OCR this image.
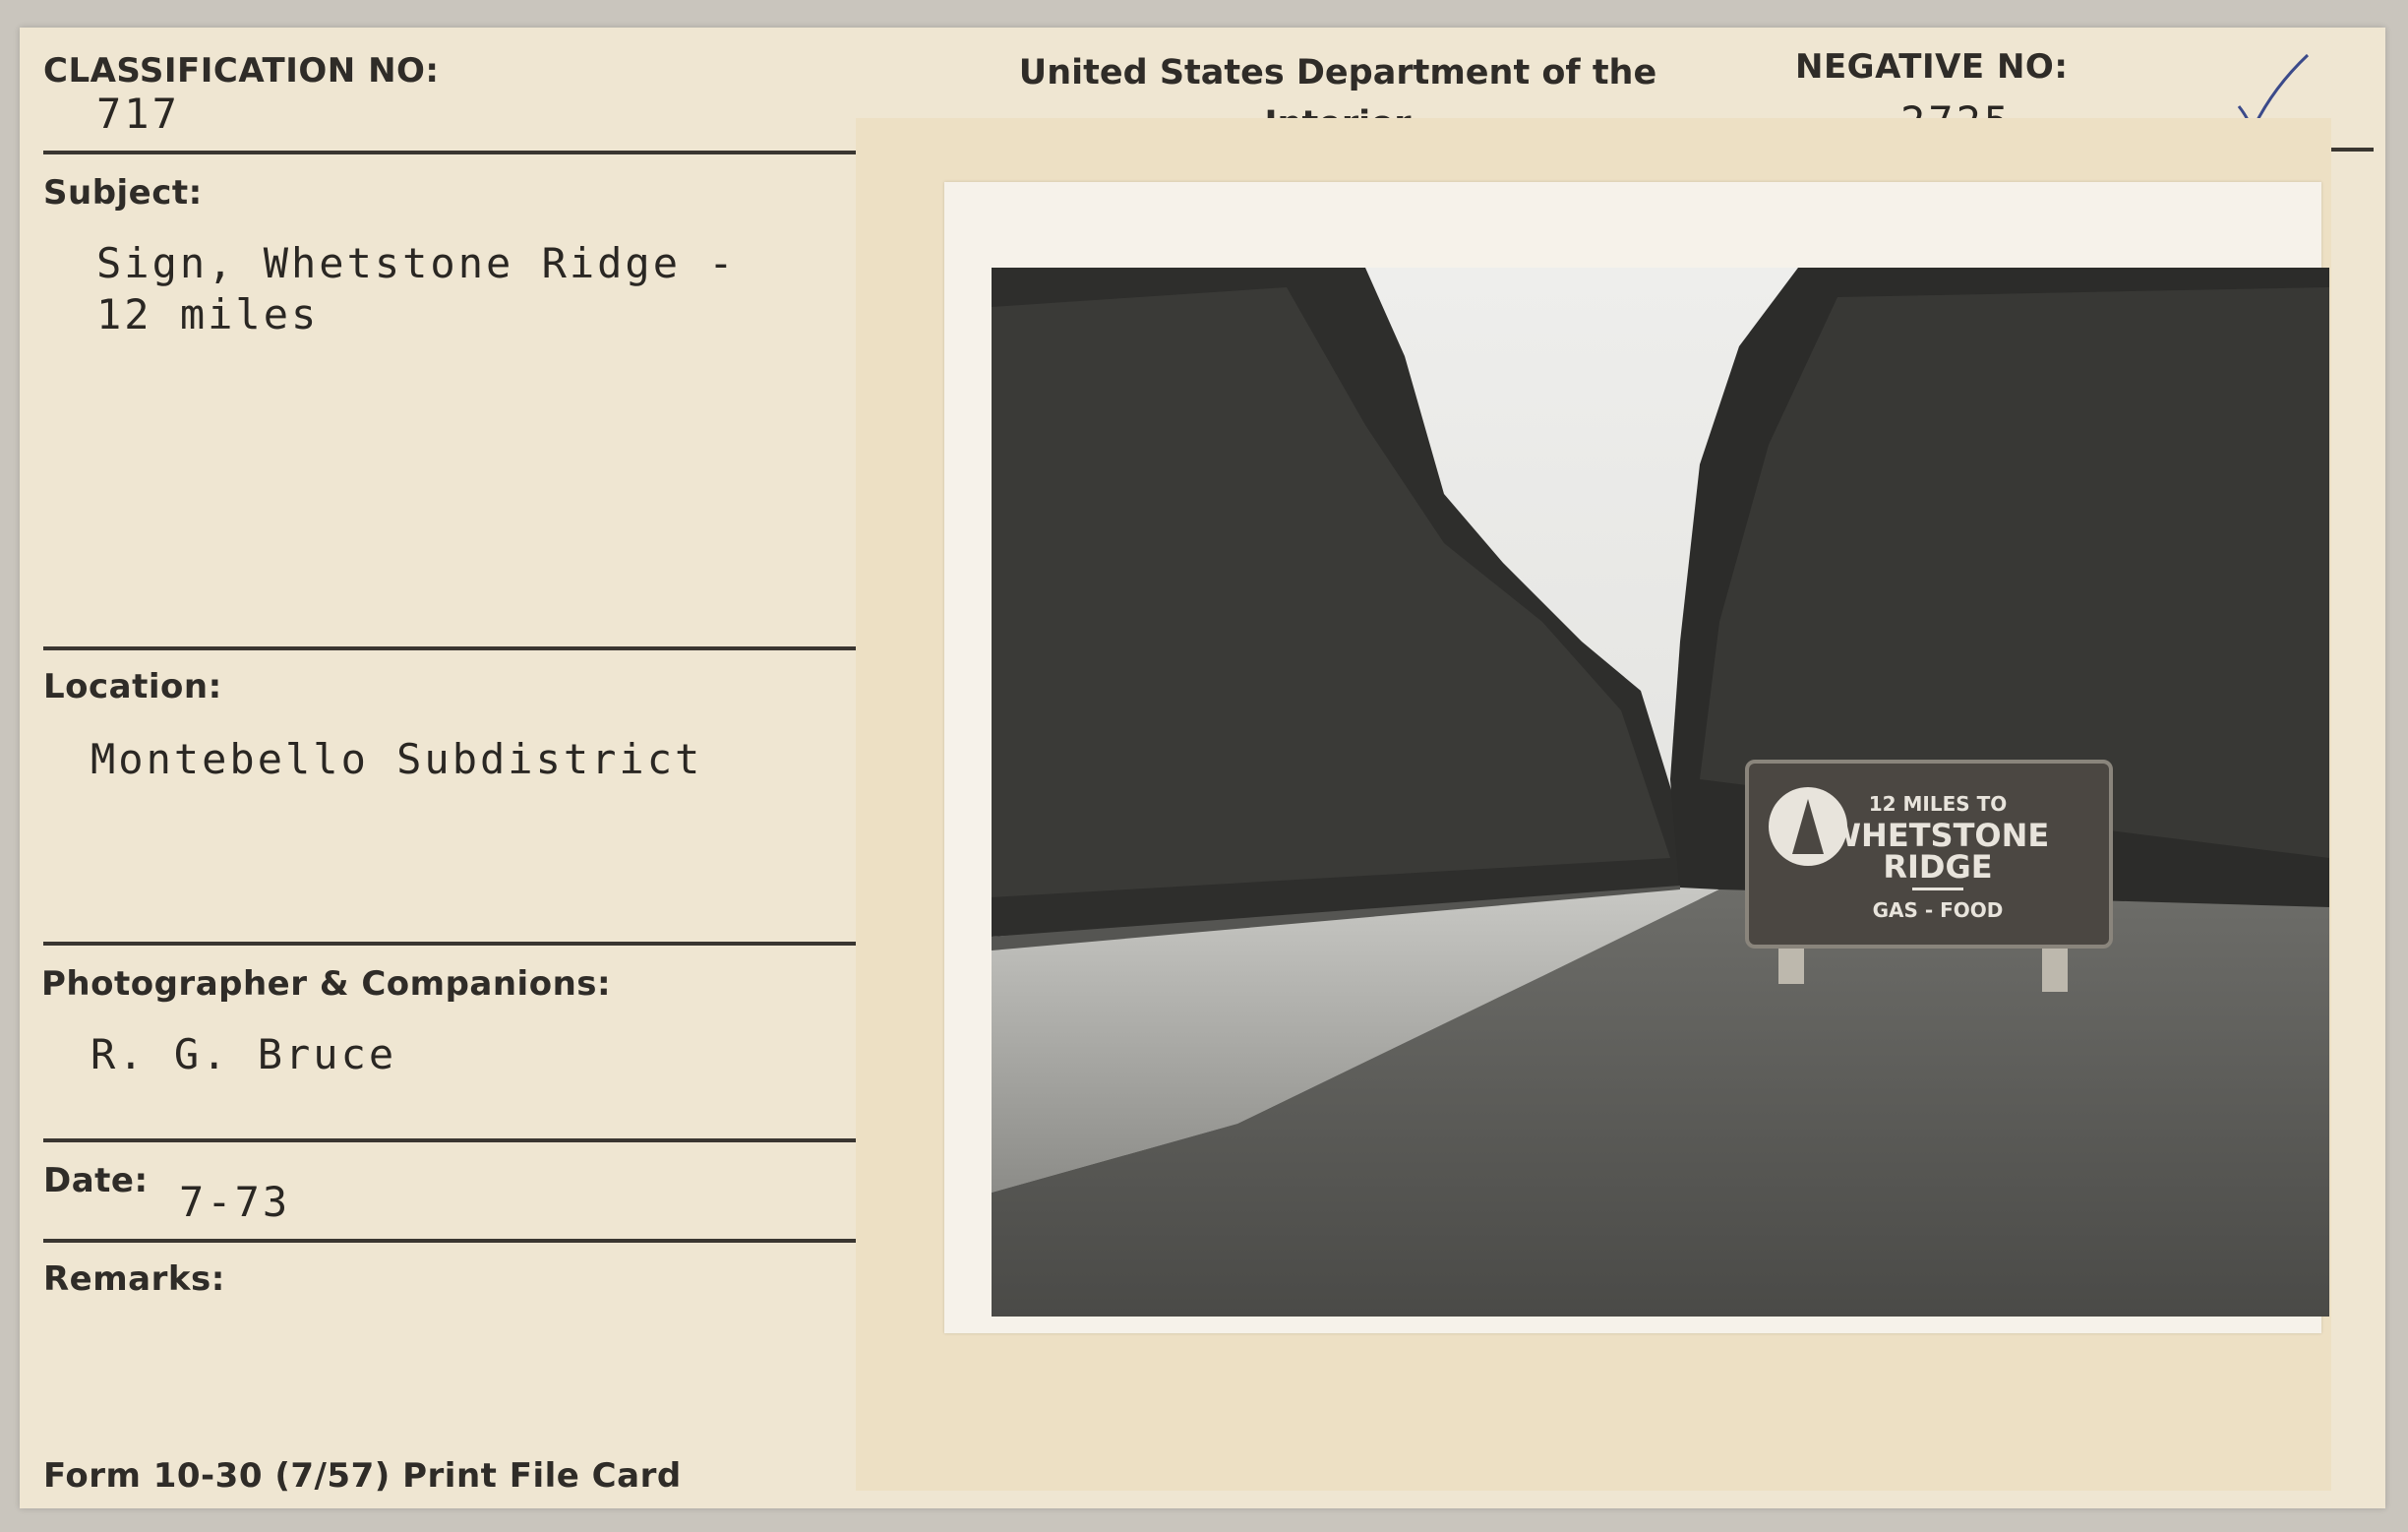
CLASSIFICATION NO:
717
United States Department of the	NEGATIVE NO:
Subject:
Sign, Whetstone Ridge -
12 miles
Location:
Montebello Subdistrict
Photographer & Companions:
R. G. Bruce
Date: 7-73
Remarks:
Form 10-30 (7/57) Print File Card
12 MILES TO
WHETSTONE
RIDGE
GAS - FOOD
